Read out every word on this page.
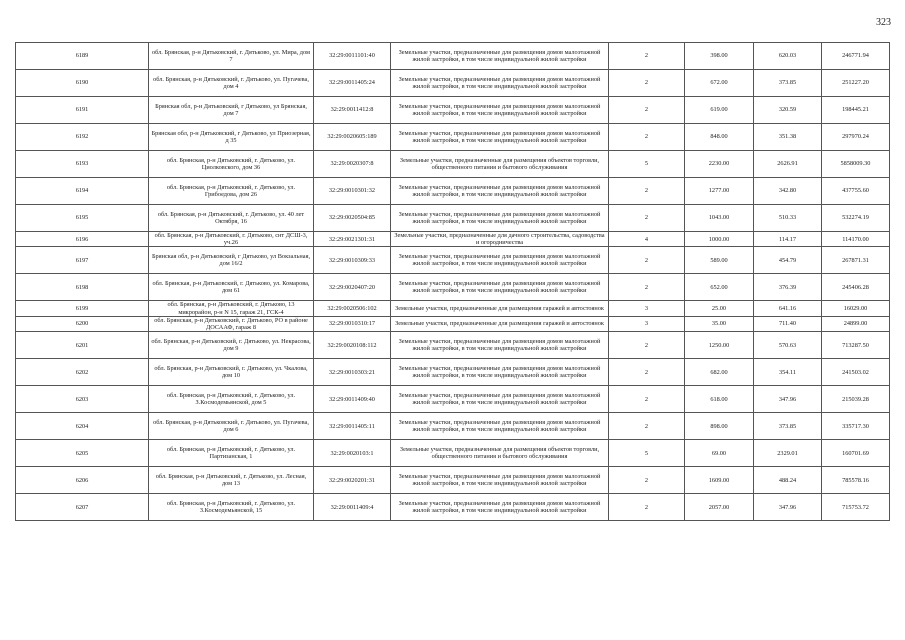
323
6189	обл. Брянская, р-н Дятьковский, г. Дятьково, ул. Мира, дом 7	32:29:0011101:40	Земельные участки, предназначенные для размещения домов малоэтажной жилой застройки, в том числе индивидуальной жилой застройки	2	398.00	620.03	246771.94
6190	обл. Брянская, р-н Дятьковский, г. Дятьково, ул. Пугачева, дом 4	32:29:0011405:24	Земельные участки, предназначенные для размещения домов малоэтажной жилой застройки, в том числе индивидуальной жилой застройки	2	672.00	373.85	251227.20
6191	Брянская обл, р-н Дятьковский, г Дятьково, ул Брянская, дом 7	32:29:0011412:8	Земельные участки, предназначенные для размещения домов малоэтажной жилой застройки, в том числе индивидуальной жилой застройки	2	619.00	320.59	198445.21
6192	Брянская обл, р-н Дятьковский, г Дятьково, ул Приозерная, д 35	32:29:0020605:189	Земельные участки, предназначенные для размещения домов малоэтажной жилой застройки, в том числе индивидуальной жилой застройки	2	848.00	351.38	297970.24
6193	обл. Брянская, р-н Дятьковский, г. Дятьково, ул. Циолковского, дом 36	32:29:0020307:8	Земельные участки, предназначенные для размещения объектов торговли, общественного питания и бытового обслуживания	5	2230.00	2626.91	5858009.30
6194	обл. Брянская, р-н Дятьковский, г. Дятьково, ул. Грибоедова, дом 26	32:29:0010301:32	Земельные участки, предназначенные для размещения домов малоэтажной жилой застройки, в том числе индивидуальной жилой застройки	2	1277.00	342.80	437755.60
6195	обл. Брянская, р-н Дятьковский, г. Дятьково, ул. 40 лет Октября, 16	32:29:0020504:85	Земельные участки, предназначенные для размещения домов малоэтажной жилой застройки, в том числе индивидуальной жилой застройки	2	1043.00	510.33	532274.19
6196	обл. Брянская, р-н Дятьковский, г. Дятьково, снт ДСШ-3, уч.26	32:29:0021301:31	Земельные участки, предназначенные для дачного строительства, садоводства и огородничества	4	1000.00	114.17	114170.00
6197	Брянская обл, р-н Дятьковский, г Дятьково, ул Вокзальная, дом 16/2	32:29:0010309:33	Земельные участки, предназначенные для размещения домов малоэтажной жилой застройки, в том числе индивидуальной жилой застройки	2	589.00	454.79	267871.31
6198	обл. Брянская, р-н Дятьковский, г. Дятьково, ул. Комарова, дом 61	32:29:0020407:20	Земельные участки, предназначенные для размещения домов малоэтажной жилой застройки, в том числе индивидуальной жилой застройки	2	652.00	376.39	245406.28
6199	обл. Брянская, р-н Дятьковский, г. Дятьково, 13 микрорайон, р-н N 15, гараж 21, ГСК-4	32:29:0020506:102	Земельные участки, предназначенные для размещения гаражей и автостоянок	3	25.00	641.16	16029.00
6200	обл. Брянская, р-н Дятьковский, г. Дятьково, РО в районе ДОСААФ, гараж 8	32:29:0010310:17	Земельные участки, предназначенные для размещения гаражей и автостоянок	3	35.00	711.40	24899.00
6201	обл. Брянская, р-н Дятьковский, г. Дятьково, ул. Некрасова, дом 9	32:29:0020108:112	Земельные участки, предназначенные для размещения домов малоэтажной жилой застройки, в том числе индивидуальной жилой застройки	2	1250.00	570.63	713287.50
6202	обл. Брянская, р-н Дятьковский, г. Дятьково, ул. Чкалова, дом 10	32:29:0010303:21	Земельные участки, предназначенные для размещения домов малоэтажной жилой застройки, в том числе индивидуальной жилой застройки	2	682.00	354.11	241503.02
6203	обл. Брянская, р-н Дятьковский, г. Дятьково, ул. З.Космодемьянской, дом 5	32:29:0011409:40	Земельные участки, предназначенные для размещения домов малоэтажной жилой застройки, в том числе индивидуальной жилой застройки	2	618.00	347.96	215039.28
6204	обл. Брянская, р-н Дятьковский, г. Дятьково, ул. Пугачева, дом 6	32:29:0011405:11	Земельные участки, предназначенные для размещения домов малоэтажной жилой застройки, в том числе индивидуальной жилой застройки	2	898.00	373.85	335717.30
6205	обл. Брянская, р-н Дятьковский, г. Дятьково, ул. Партизанская, 1	32:29:0020103:1	Земельные участки, предназначенные для размещения объектов торговли, общественного питания и бытового обслуживания	5	69.00	2329.01	160701.69
6206	обл. Брянская, р-н Дятьковский, г. Дятьково, ул. Лесная, дом 13	32:29:0020201:31	Земельные участки, предназначенные для размещения домов малоэтажной жилой застройки, в том числе индивидуальной жилой застройки	2	1609.00	488.24	785578.16
6207	обл. Брянская, р-н Дятьковский, г. Дятьково, ул. З.Космодемьянской, 15	32:29:0011409:4	Земельные участки, предназначенные для размещения домов малоэтажной жилой застройки, в том числе индивидуальной жилой застройки	2	2057.00	347.96	715753.72
